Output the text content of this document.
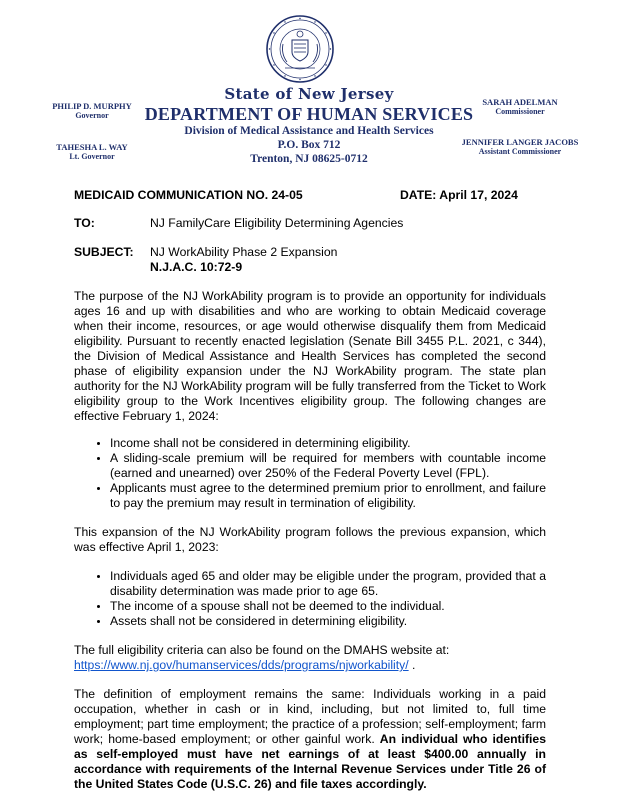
State of New Jersey
DEPARTMENT OF HUMAN SERVICES
Division of Medical Assistance and Health Services
P.O. Box 712
Trenton, NJ 08625-0712
PHILIP D. MURPHY
Governor
TAHESHA L. WAY
Lt. Governor
SARAH ADELMAN
Commissioner
JENNIFER LANGER JACOBS
Assistant Commissioner
MEDICAID COMMUNICATION NO. 24-05	DATE: April 17, 2024
TO:	NJ FamilyCare Eligibility Determining Agencies
SUBJECT: NJ WorkAbility Phase 2 Expansion
N.J.A.C. 10:72-9

The purpose of the NJ WorkAbility program is to provide an opportunity for individuals ages 16 and up with disabilities and who are working to obtain Medicaid coverage when their income, resources, or age would otherwise disqualify them from Medicaid eligibility. Pursuant to recently enacted legislation (Senate Bill 3455 P.L. 2021, c 344), the Division of Medical Assistance and Health Services has completed the second phase of eligibility expansion under the NJ WorkAbility program. The state plan authority for the NJ WorkAbility program will be fully transferred from the Ticket to Work eligibility group to the Work Incentives eligibility group. The following changes are effective February 1, 2024:

• Income shall not be considered in determining eligibility.
• A sliding-scale premium will be required for members with countable income (earned and unearned) over 250% of the Federal Poverty Level (FPL).
• Applicants must agree to the determined premium prior to enrollment, and failure to pay the premium may result in termination of eligibility.

This expansion of the NJ WorkAbility program follows the previous expansion, which was effective April 1, 2023:

• Individuals aged 65 and older may be eligible under the program, provided that a disability determination was made prior to age 65.
• The income of a spouse shall not be deemed to the individual.
• Assets shall not be considered in determining eligibility.

The full eligibility criteria can also be found on the DMAHS website at:
https://www.nj.gov/humanservices/dds/programs/njworkability/ .

The definition of employment remains the same: Individuals working in a paid occupation, whether in cash or in kind, including, but not limited to, full time employment; part time employment; the practice of a profession; self-employment; farm work; home-based employment; or other gainful work. An individual who identifies as self-employed must have net earnings of at least $400.00 annually in accordance with requirements of the Internal Revenue Services under Title 26 of the United States Code (U.S.C. 26) and file taxes accordingly.
